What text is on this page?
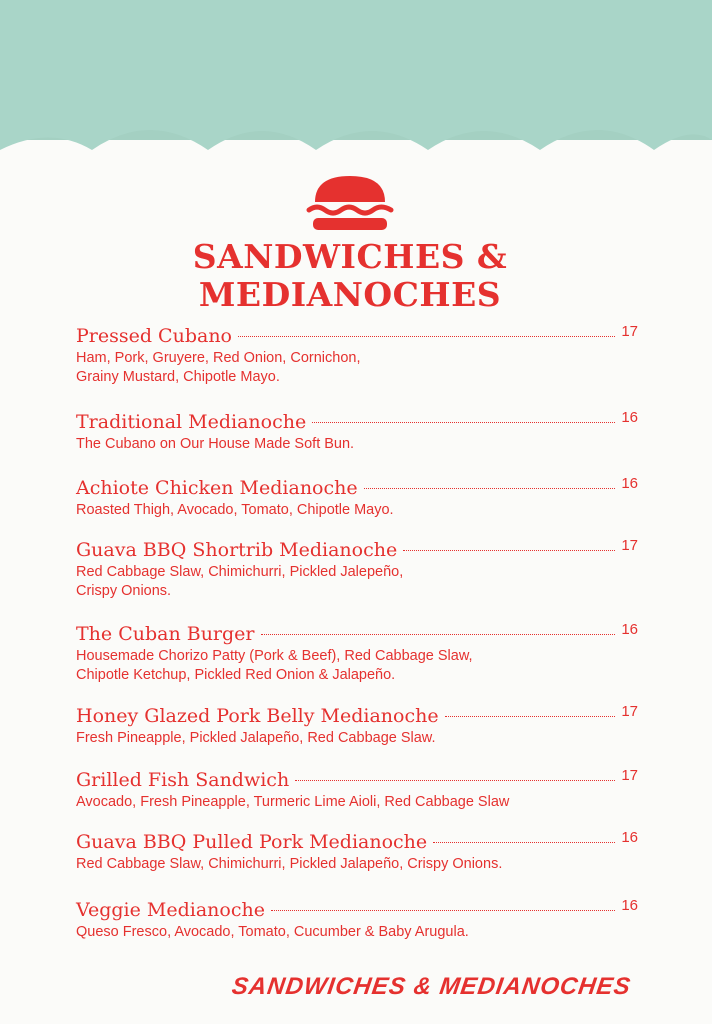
SANDWICHES &
MEDIANOCHES
Pressed Cubano	17
Ham, Pork, Gruyere, Red Onion, Cornichon,
Grainy Mustard, Chipotle Mayo.
Traditional Medianoche	16
The Cubano on Our House Made Soft Bun.
Achiote Chicken Medianoche	16
Roasted Thigh, Avocado, Tomato, Chipotle Mayo.
Guava BBQ Shortrib Medianoche	17
Red Cabbage Slaw, Chimichurri, Pickled Jalepeño,
Crispy Onions.
The Cuban Burger	16
Housemade Chorizo Patty (Pork & Beef), Red Cabbage Slaw,
Chipotle Ketchup, Pickled Red Onion & Jalapeño.
Honey Glazed Pork Belly Medianoche	17
Fresh Pineapple, Pickled Jalapeño, Red Cabbage Slaw.
Grilled Fish Sandwich	17
Avocado, Fresh Pineapple, Turmeric Lime Aioli, Red Cabbage Slaw
Guava BBQ Pulled Pork Medianoche	16
Red Cabbage Slaw, Chimichurri, Pickled Jalapeño, Crispy Onions.
Veggie Medianoche	16
Queso Fresco, Avocado, Tomato, Cucumber & Baby Arugula.
SANDWICHES & MEDIANOCHES
